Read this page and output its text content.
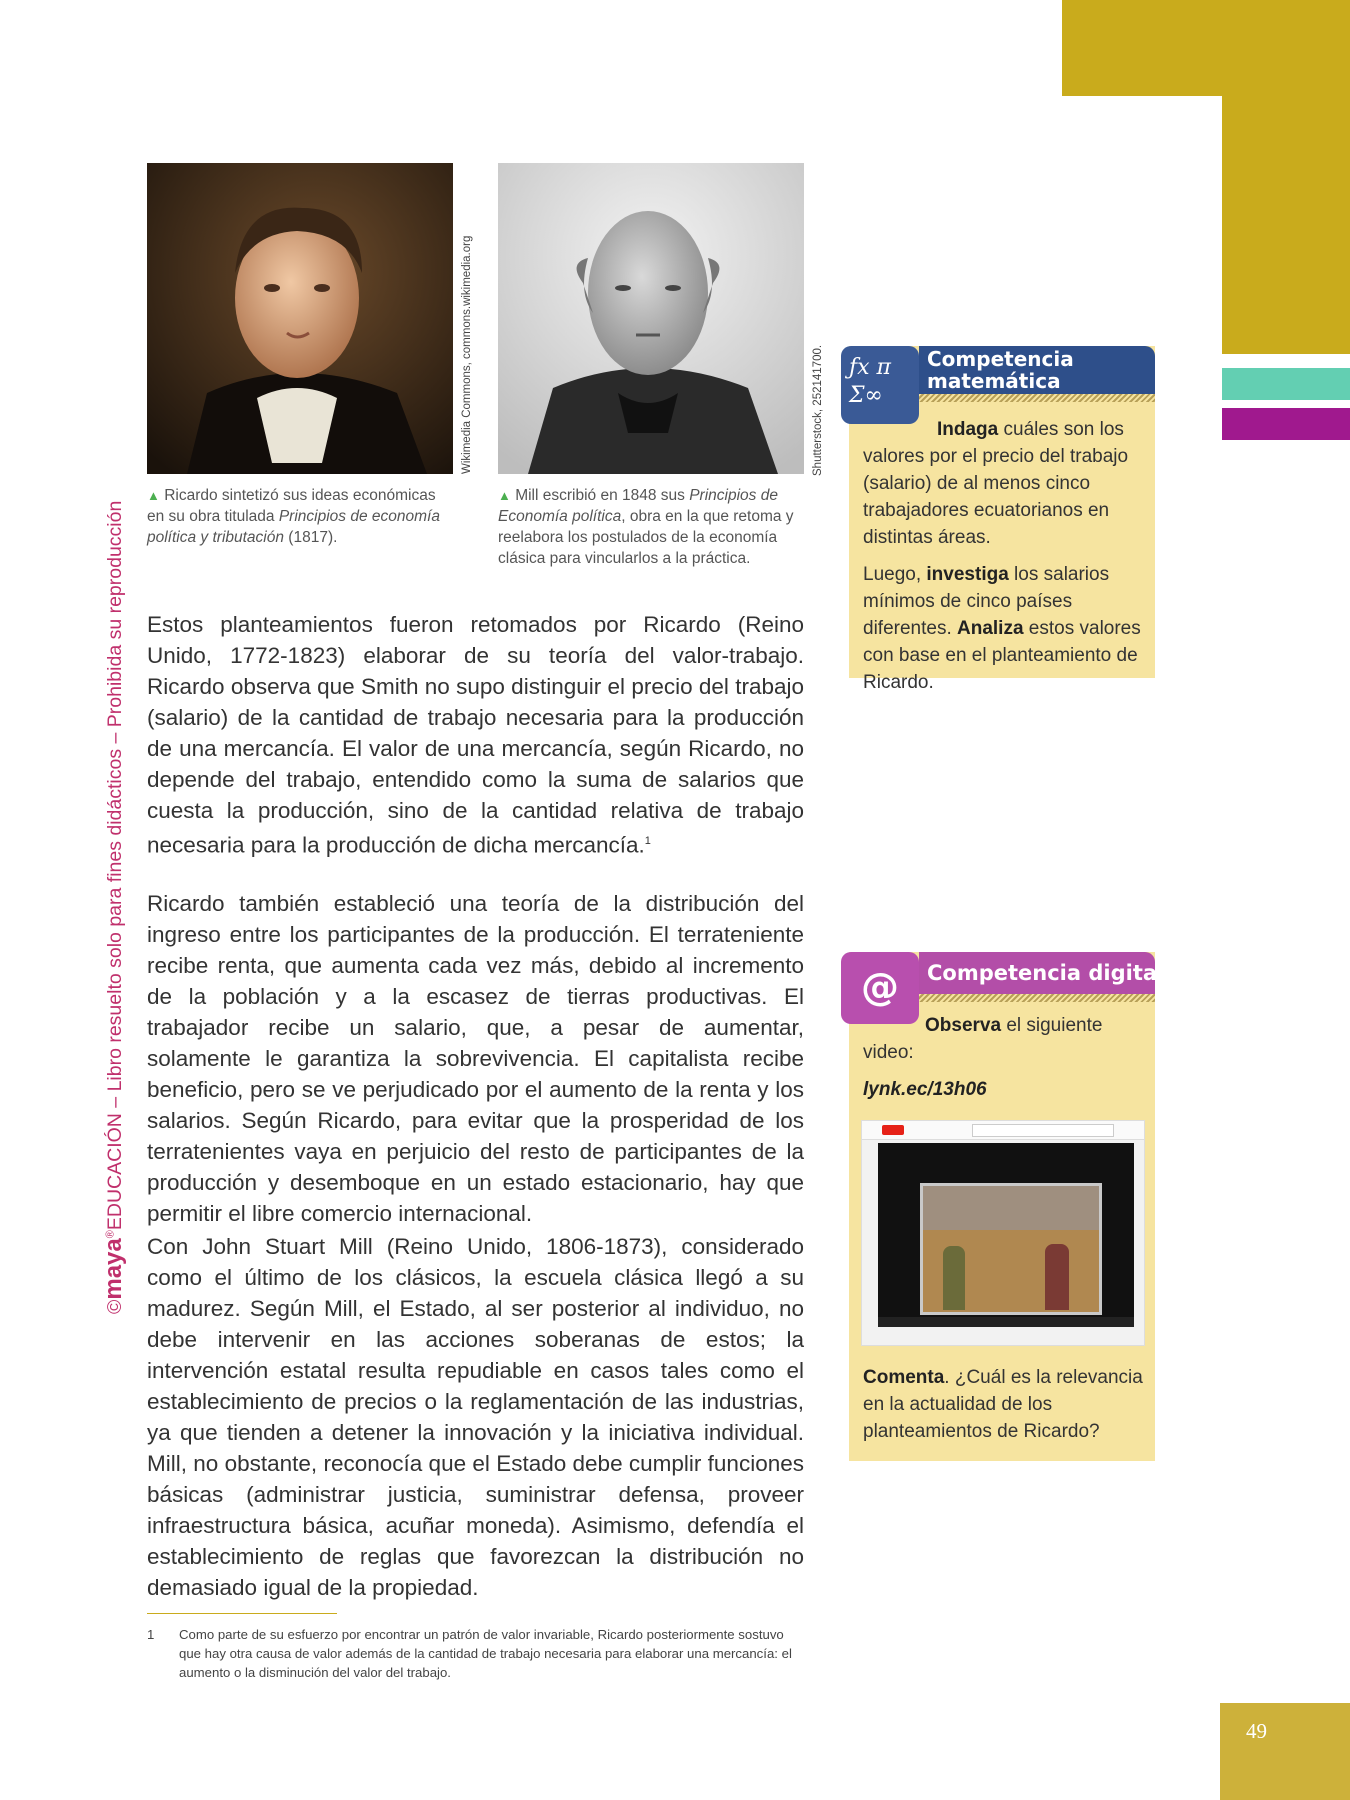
©maya®EDUCACIÓN – Libro resuelto solo para fines didácticos – Prohibida su reproducción
Wikimedia Commons, commons.wikimedia.org
▲ Ricardo sintetizó sus ideas económicas en su obra titulada Principios de economía política y tributación (1817).
Shutterstock, 252141700.
▲ Mill escribió en 1848 sus Principios de Economía política, obra en la que retoma y reelabora los postulados de la economía clásica para vincularlos a la práctica.

Estos planteamientos fueron retomados por Ricardo (Reino Unido, 1772-1823) elaborar de su teoría del valor-trabajo. Ricardo observa que Smith no supo distinguir el precio del trabajo (salario) de la cantidad de trabajo necesaria para la producción de una mercancía. El valor de una mercancía, según Ricardo, no depende del trabajo, entendido como la suma de salarios que cuesta la producción, sino de la cantidad relativa de trabajo necesaria para la producción de dicha mercancía.$^1$

Ricardo también estableció una teoría de la distribución del ingreso entre los participantes de la producción. El terrateniente recibe renta, que aumenta cada vez más, debido al incremento de la población y a la escasez de tierras productivas. El trabajador recibe un salario, que, a pesar de aumentar, solamente le garantiza la sobrevivencia. El capitalista recibe beneficio, pero se ve perjudicado por el aumento de la renta y los salarios. Según Ricardo, para evitar que la prosperidad de los terratenientes vaya en perjuicio del resto de participantes de la producción y desemboque en un estado estacionario, hay que permitir el libre comercio internacional.

Con John Stuart Mill (Reino Unido, 1806-1873), considerado como el último de los clásicos, la escuela clásica llegó a su madurez. Según Mill, el Estado, al ser posterior al individuo, no debe intervenir en las acciones soberanas de estos; la intervención estatal resulta repudiable en casos tales como el establecimiento de precios o la reglamentación de las industrias, ya que tienden a detener la innovación y la iniciativa individual. Mill, no obstante, reconocía que el Estado debe cumplir funciones básicas (administrar justicia, suministrar defensa, proveer infraestructura básica, acuñar moneda). Asimismo, defendía el establecimiento de reglas que favorezcan la distribución no demasiado igual de la propiedad.

1 Como parte de su esfuerzo por encontrar un patrón de valor invariable, Ricardo posteriormente sostuvo que hay otra causa de valor además de la cantidad de trabajo necesaria para elaborar una mercancía: el aumento o la disminución del valor del trabajo.
ƒx π Σ∞
Competencia
matemática
Indaga cuáles son los valores por el precio del trabajo (salario) de al menos cinco trabajadores ecuatorianos en distintas áreas.
Luego, investiga los salarios mínimos de cinco países diferentes. Analiza estos valores con base en el planteamiento de Ricardo.
@	Competencia digital
Observa el siguiente video:
lynk.ec/13h06
Comenta. ¿Cuál es la relevancia en la actualidad de los planteamientos de Ricardo?
49
